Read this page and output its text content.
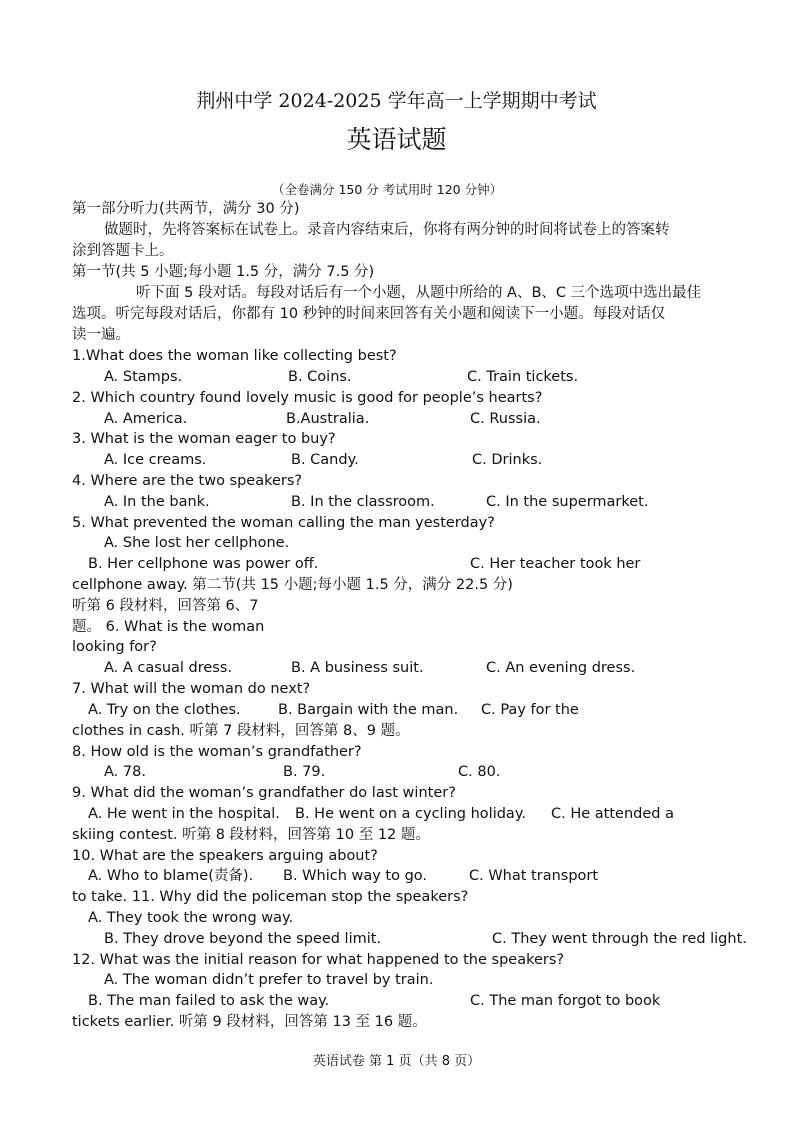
荆州中学 2024-2025 学年高一上学期期中考试
英语试题
（全卷满分 150 分 考试用时 120 分钟）
第一部分听力(共两节，满分 30 分)
做题时，先将答案标在试卷上。录音内容结束后，你将有两分钟的时间将试卷上的答案转
涂到答题卡上。
第一节(共 5 小题;每小题 1.5 分，满分 7.5 分)
听下面 5 段对话。每段对话后有一个小题，从题中所给的 A、B、C 三个选项中选出最佳
选项。听完每段对话后，你都有 10 秒钟的时间来回答有关小题和阅读下一小题。每段对话仅
读一遍。
1.What does the woman like collecting best?
A. Stamps.	B. Coins.	C. Train tickets.
2. Which country found lovely music is good for people’s hearts?
A. America.	B.Australia.	C. Russia.
3. What is the woman eager to buy?
A. Ice creams.	B. Candy.	C. Drinks.
4. Where are the two speakers?
A. In the bank.	B. In the classroom.	C. In the supermarket.
5. What prevented the woman calling the man yesterday?
A. She lost her cellphone.
B. Her cellphone was power off.	C. Her teacher took her
cellphone away. 第二节(共 15 小题;每小题 1.5 分，满分 22.5 分)
听第 6 段材料，回答第 6、7
题。 6. What is the woman
looking for?
A. A casual dress.	B. A business suit.	C. An evening dress.
7. What will the woman do next?
A. Try on the clothes.	B. Bargain with the man. C. Pay for the
clothes in cash. 听第 7 段材料，回答第 8、9 题。
8. How old is the woman’s grandfather?
A. 78.	B. 79.	C. 80.
9. What did the woman’s grandfather do last winter?
A. He went in the hospital. B. He went on a cycling holiday. C. He attended a
skiing contest. 听第 8 段材料，回答第 10 至 12 题。
10. What are the speakers arguing about?
A. Who to blame(责备). B. Which way to go.	C. What transport
to take. 11. Why did the policeman stop the speakers?
A. They took the wrong way.
B. They drove beyond the speed limit.	C. They went through the red light.
12. What was the initial reason for what happened to the speakers?
A. The woman didn’t prefer to travel by train.
B. The man failed to ask the way.	C. The man forgot to book
tickets earlier. 听第 9 段材料，回答第 13 至 16 题。
英语试卷 第 1 页（共 8 页）
